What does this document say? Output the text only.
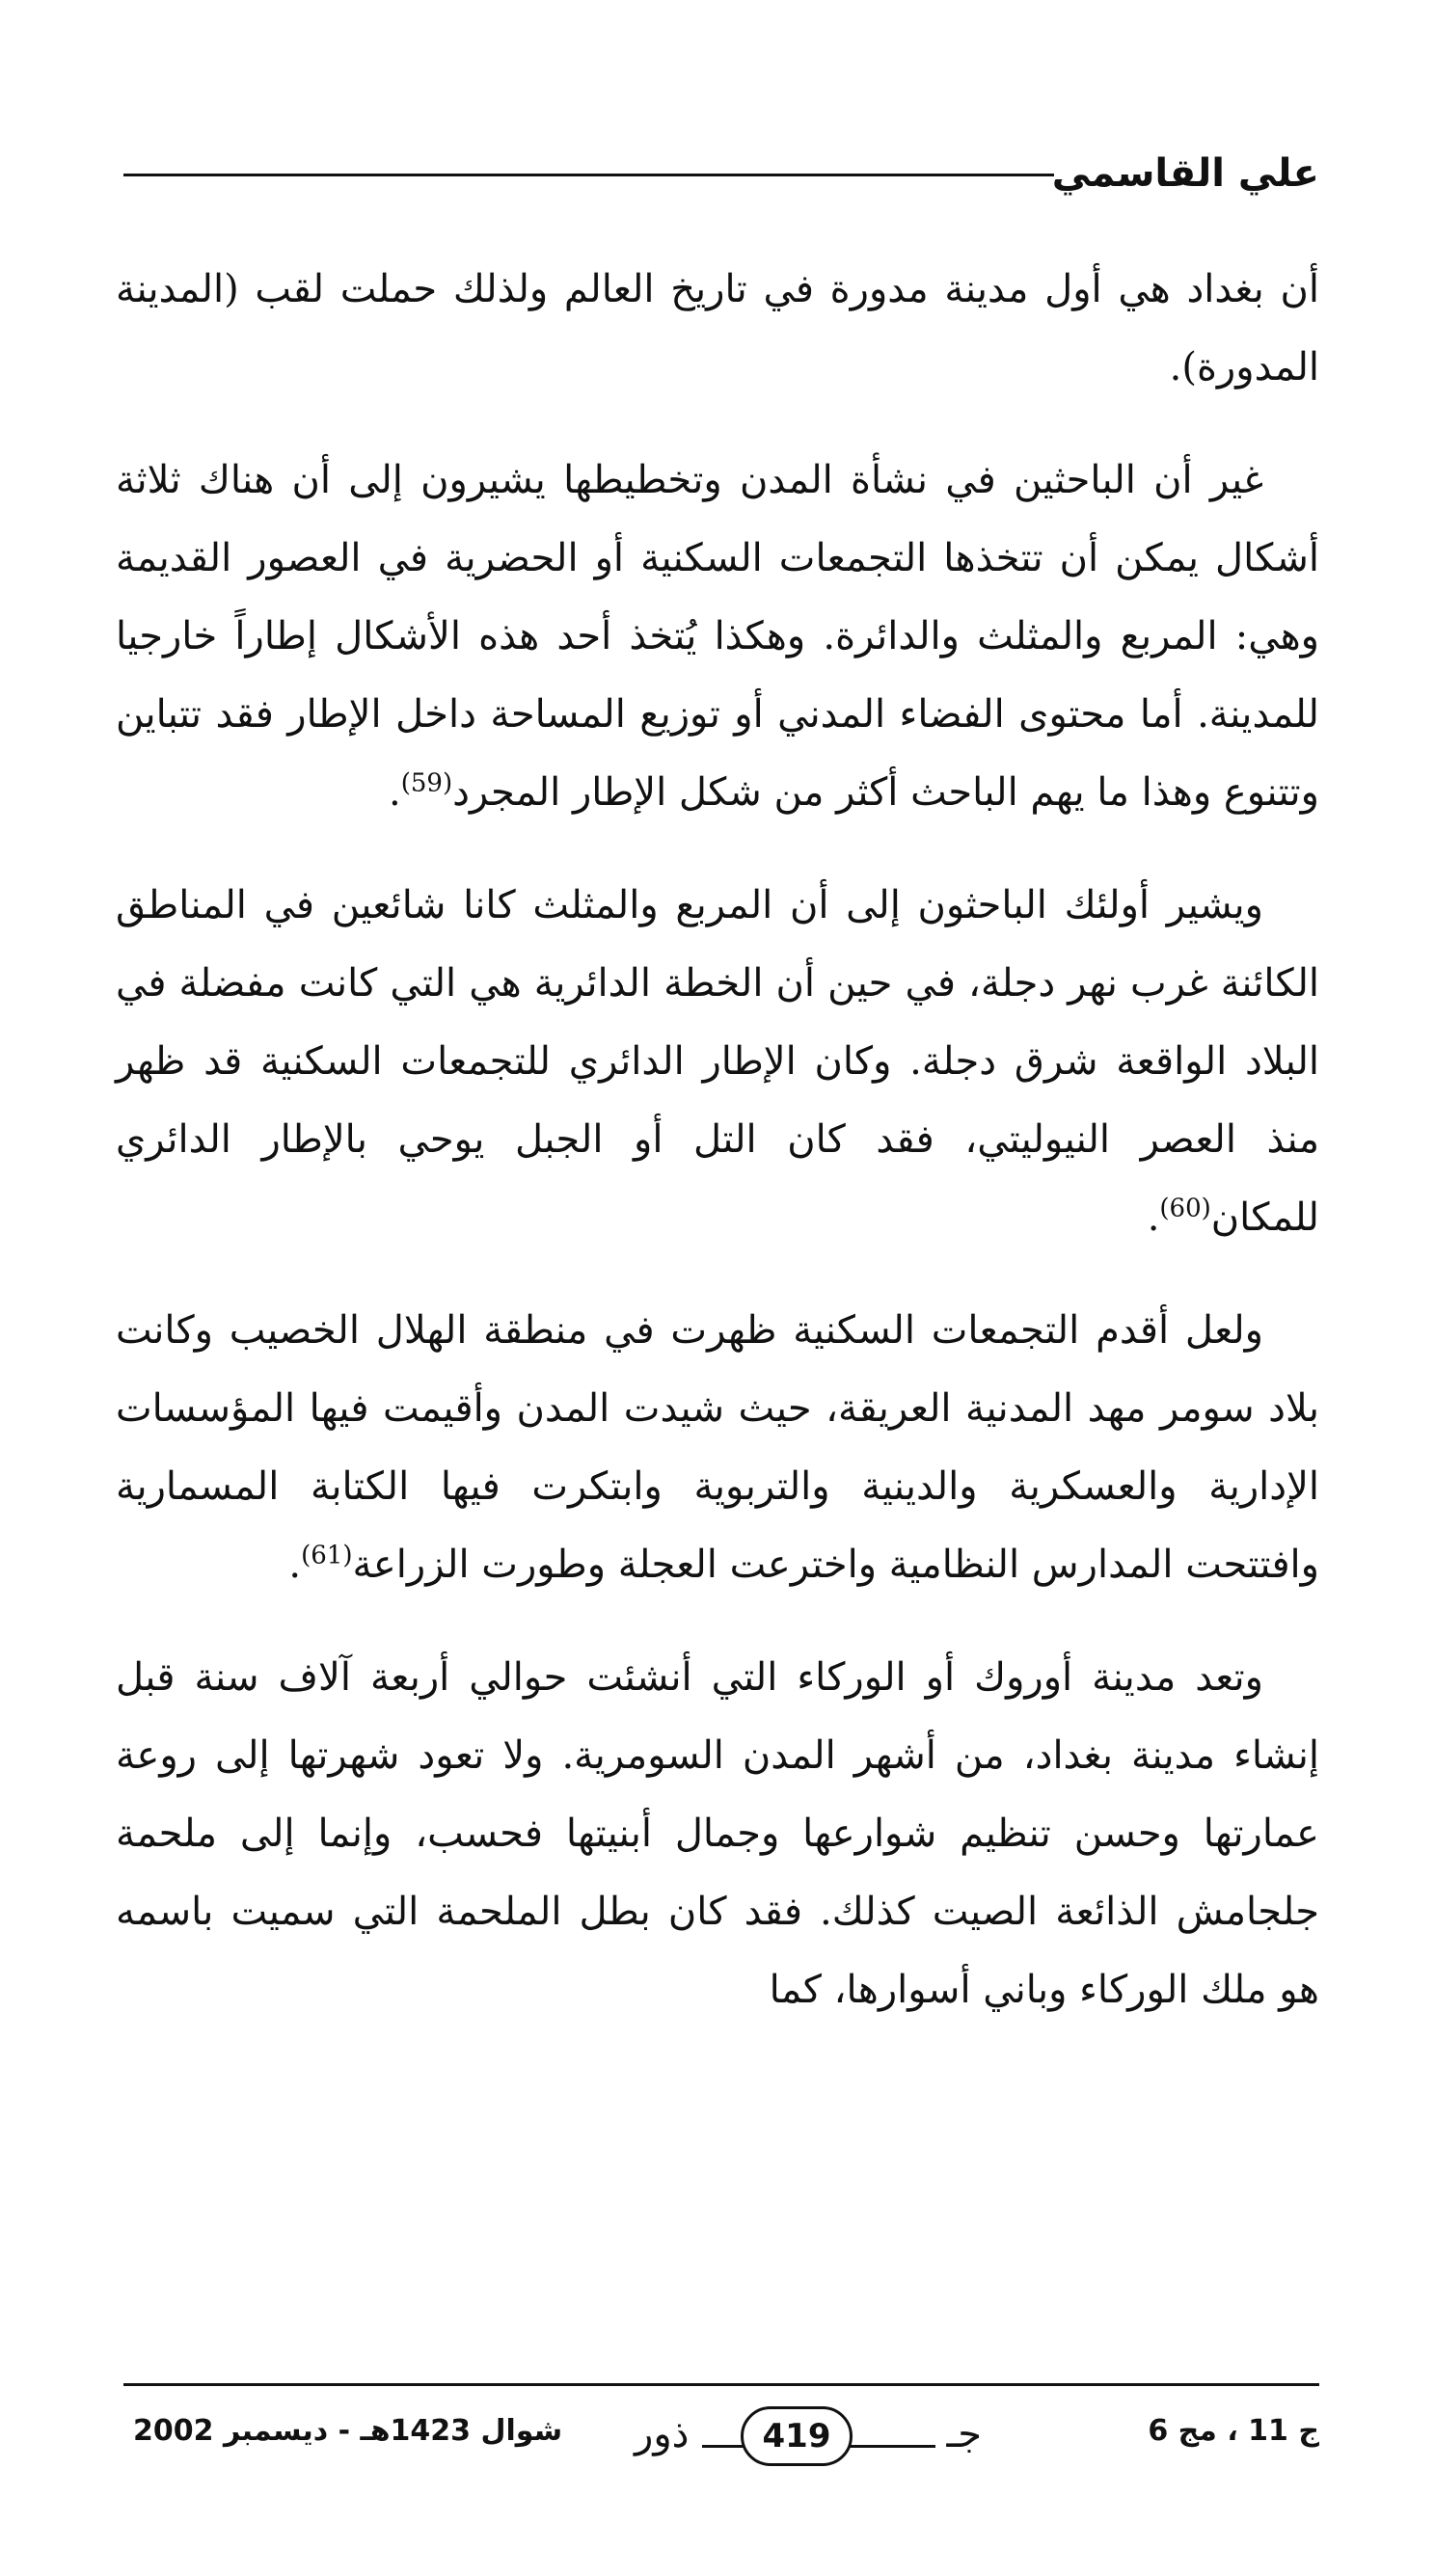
علي القاسمي

أن بغداد هي أول مدينة مدورة في تاريخ العالم ولذلك حملت لقب (المدينة المدورة).

غير أن الباحثين في نشأة المدن وتخطيطها يشيرون إلى أن هناك ثلاثة أشكال يمكن أن تتخذها التجمعات السكنية أو الحضرية في العصور القديمة وهي: المربع والمثلث والدائرة. وهكذا يُتخذ أحد هذه الأشكال إطاراً خارجيا للمدينة. أما محتوى الفضاء المدني أو توزيع المساحة داخل الإطار فقد تتباين وتتنوع وهذا ما يهم الباحث أكثر من شكل الإطار المجرد$^{(59)}$.

ويشير أولئك الباحثون إلى أن المربع والمثلث كانا شائعين في المناطق الكائنة غرب نهر دجلة، في حين أن الخطة الدائرية هي التي كانت مفضلة في البلاد الواقعة شرق دجلة. وكان الإطار الدائري للتجمعات السكنية قد ظهر منذ العصر النيوليتي، فقد كان التل أو الجبل يوحي بالإطار الدائري للمكان$^{(60)}$.

ولعل أقدم التجمعات السكنية ظهرت في منطقة الهلال الخصيب وكانت بلاد سومر مهد المدنية العريقة، حيث شيدت المدن وأقيمت فيها المؤسسات الإدارية والعسكرية والدينية والتربوية وابتكرت فيها الكتابة المسمارية وافتتحت المدارس النظامية واخترعت العجلة وطورت الزراعة$^{(61)}$.

وتعد مدينة أوروك أو الوركاء التي أنشئت حوالي أربعة آلاف سنة قبل إنشاء مدينة بغداد، من أشهر المدن السومرية. ولا تعود شهرتها إلى روعة عمارتها وحسن تنظيم شوارعها وجمال أبنيتها فحسب، وإنما إلى ملحمة جلجامش الذائعة الصيت كذلك. فقد كان بطل الملحمة التي سميت باسمه هو ملك الوركاء وباني أسوارها، كما

ج 11 ، مج 6
ذور	جـ
419
شوال 1423هـ - ديسمبر 2002
